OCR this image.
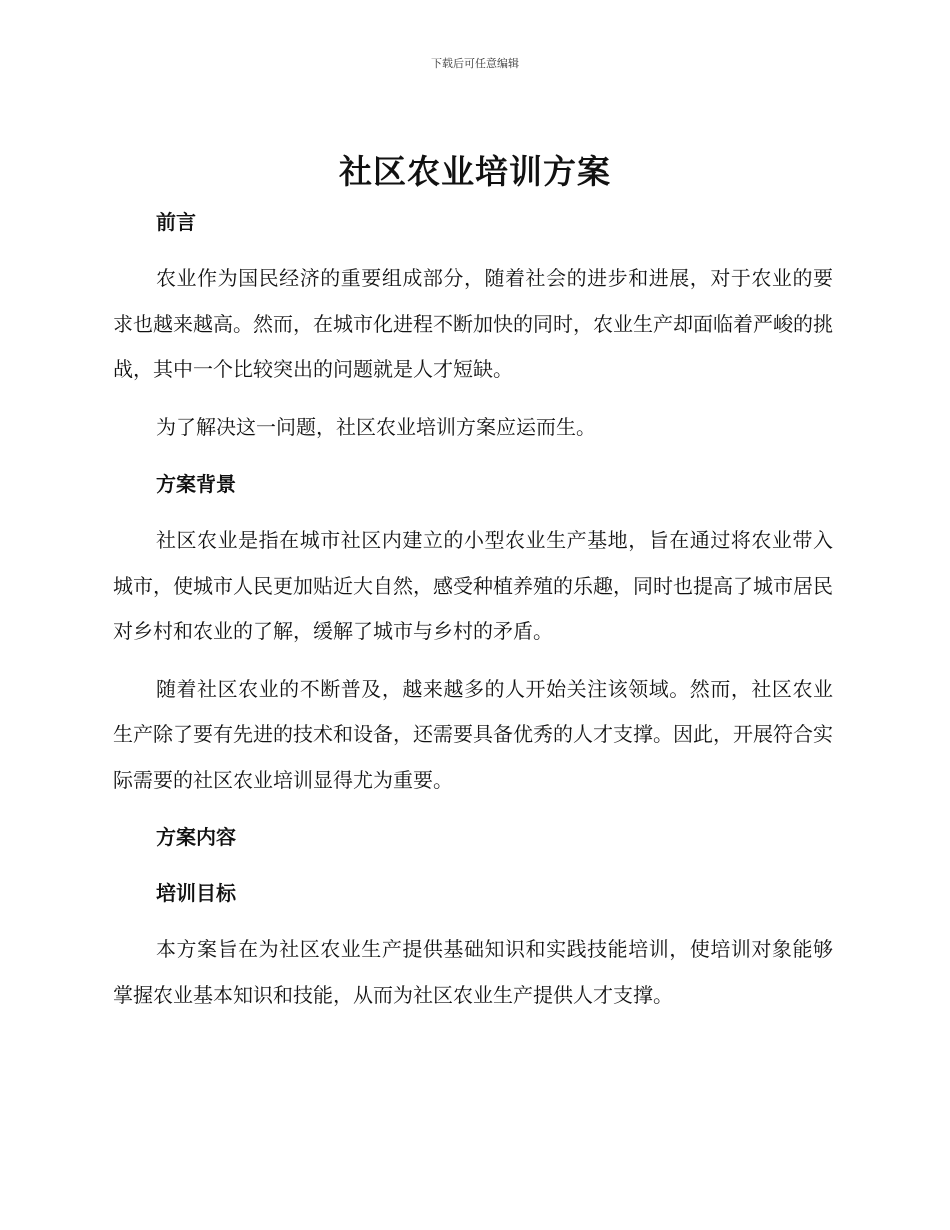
下载后可任意编辑
社区农业培训方案

前言

农业作为国民经济的重要组成部分，随着社会的进步和进展，对于农业的要求也越来越高。然而，在城市化进程不断加快的同时，农业生产却面临着严峻的挑战，其中一个比较突出的问题就是人才短缺。

为了解决这一问题，社区农业培训方案应运而生。

方案背景

社区农业是指在城市社区内建立的小型农业生产基地，旨在通过将农业带入城市，使城市人民更加贴近大自然，感受种植养殖的乐趣，同时也提高了城市居民对乡村和农业的了解，缓解了城市与乡村的矛盾。

随着社区农业的不断普及，越来越多的人开始关注该领域。然而，社区农业生产除了要有先进的技术和设备，还需要具备优秀的人才支撑。因此，开展符合实际需要的社区农业培训显得尤为重要。

方案内容

培训目标

本方案旨在为社区农业生产提供基础知识和实践技能培训，使培训对象能够掌握农业基本知识和技能，从而为社区农业生产提供人才支撑。
